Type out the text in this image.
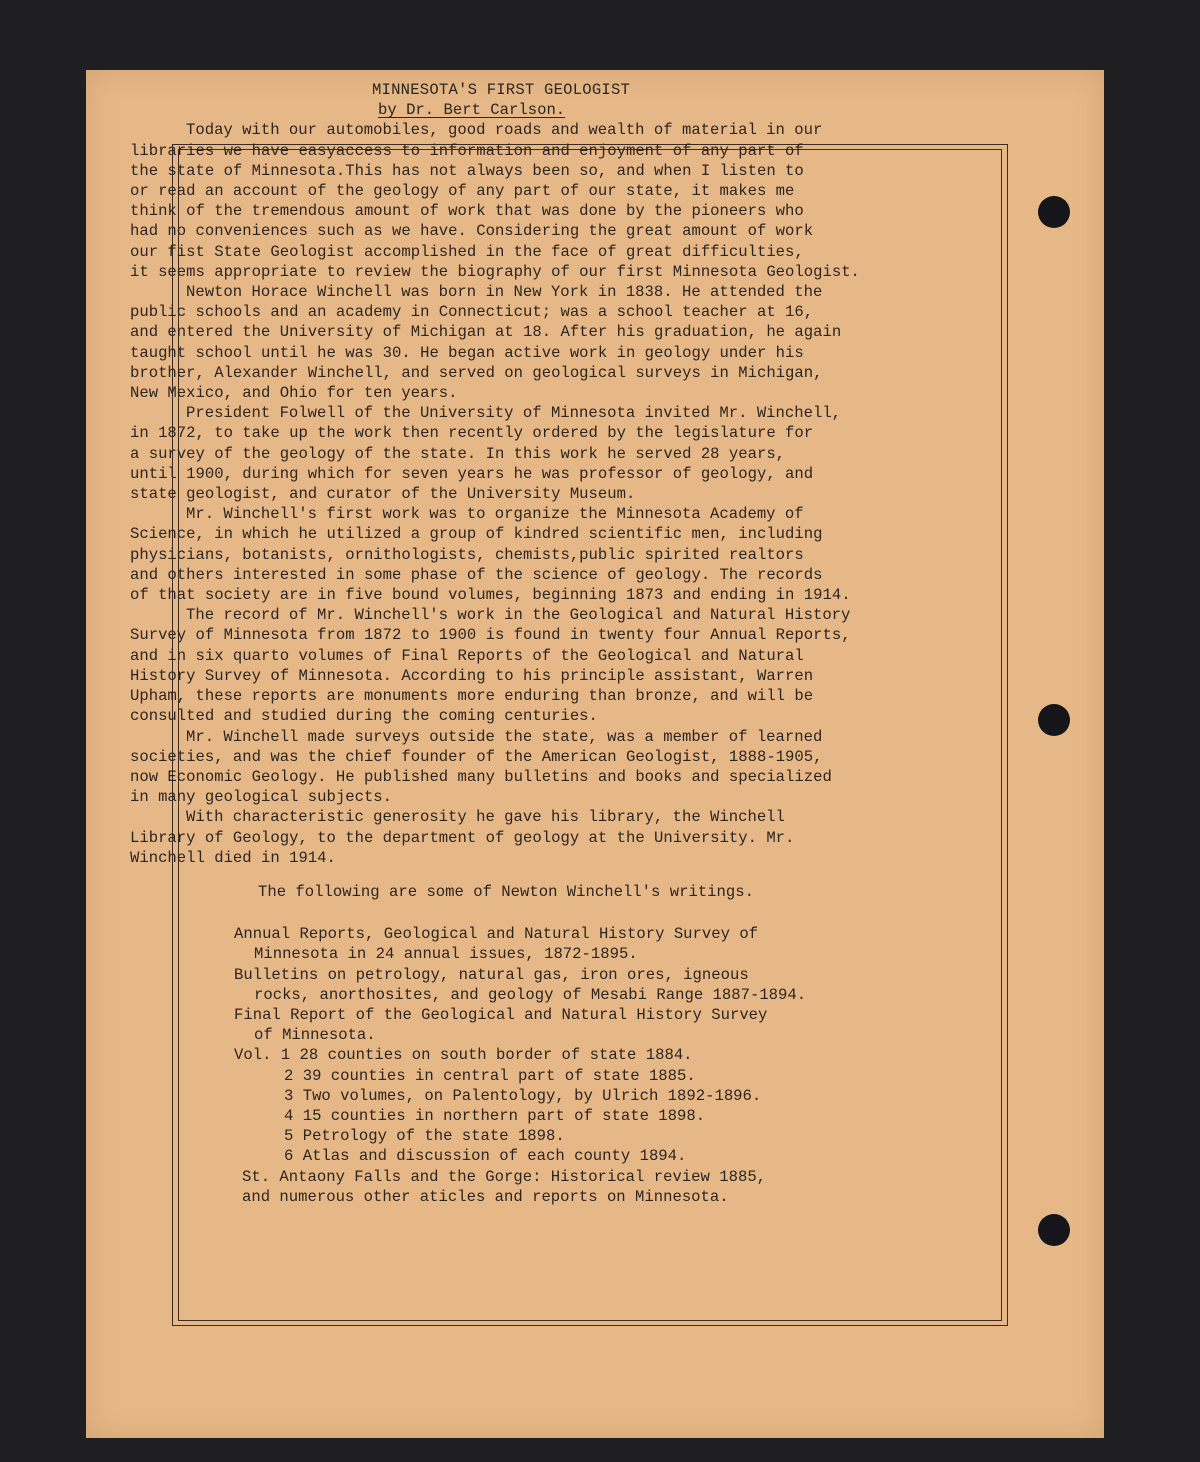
MINNESOTA'S FIRST GEOLOGIST
by Dr. Bert Carlson.
Today with our automobiles, good roads and wealth of material in our
libraries we have easyaccess to information and enjoyment of any part of
the state of Minnesota.This has not always been so, and when I listen to
or read an account of the geology of any part of our state, it makes me
think of the tremendous amount of work that was done by the pioneers who
had no conveniences such as we have. Considering the great amount of work
our fist State Geologist accomplished in the face of great difficulties,
it seems appropriate to review the biography of our first Minnesota Geologist.
Newton Horace Winchell was born in New York in 1838. He attended the
public schools and an academy in Connecticut; was a school teacher at 16,
and entered the University of Michigan at 18. After his graduation, he again
taught school until he was 30. He began active work in geology under his
brother, Alexander Winchell, and served on geological surveys in Michigan,
New Mexico, and Ohio for ten years.
President Folwell of the University of Minnesota invited Mr. Winchell,
in 1872, to take up the work then recently ordered by the legislature for
a survey of the geology of the state. In this work he served 28 years,
until 1900, during which for seven years he was professor of geology, and
state geologist, and curator of the University Museum.
Mr. Winchell's first work was to organize the Minnesota Academy of
Science, in which he utilized a group of kindred scientific men, including
physicians, botanists, ornithologists, chemists,public spirited realtors
and others interested in some phase of the science of geology. The records
of that society are in five bound volumes, beginning 1873 and ending in 1914.
The record of Mr. Winchell's work in the Geological and Natural History
Survey of Minnesota from 1872 to 1900 is found in twenty four Annual Reports,
and in six quarto volumes of Final Reports of the Geological and Natural
History Survey of Minnesota. According to his principle assistant, Warren
Upham, these reports are monuments more enduring than bronze, and will be
consulted and studied during the coming centuries.
Mr. Winchell made surveys outside the state, was a member of learned
societies, and was the chief founder of the American Geologist, 1888-1905,
now Economic Geology. He published many bulletins and books and specialized
in many geological subjects.
With characteristic generosity he gave his library, the Winchell
Library of Geology, to the department of geology at the University. Mr.
Winchell died in 1914.
The following are some of Newton Winchell's writings.
Annual Reports, Geological and Natural History Survey of
Minnesota in 24 annual issues, 1872-1895.
Bulletins on petrology, natural gas, iron ores, igneous
rocks, anorthosites, and geology of Mesabi Range 1887-1894.
Final Report of the Geological and Natural History Survey
of Minnesota.
Vol. 1 28 counties on south border of state 1884.
2 39 counties in central part of state 1885.
3 Two volumes, on Palentology, by Ulrich 1892-1896.
4 15 counties in northern part of state 1898.
5 Petrology of the state 1898.
6 Atlas and discussion of each county 1894.
St. Antaony Falls and the Gorge: Historical review 1885,
and numerous other aticles and reports on Minnesota.
